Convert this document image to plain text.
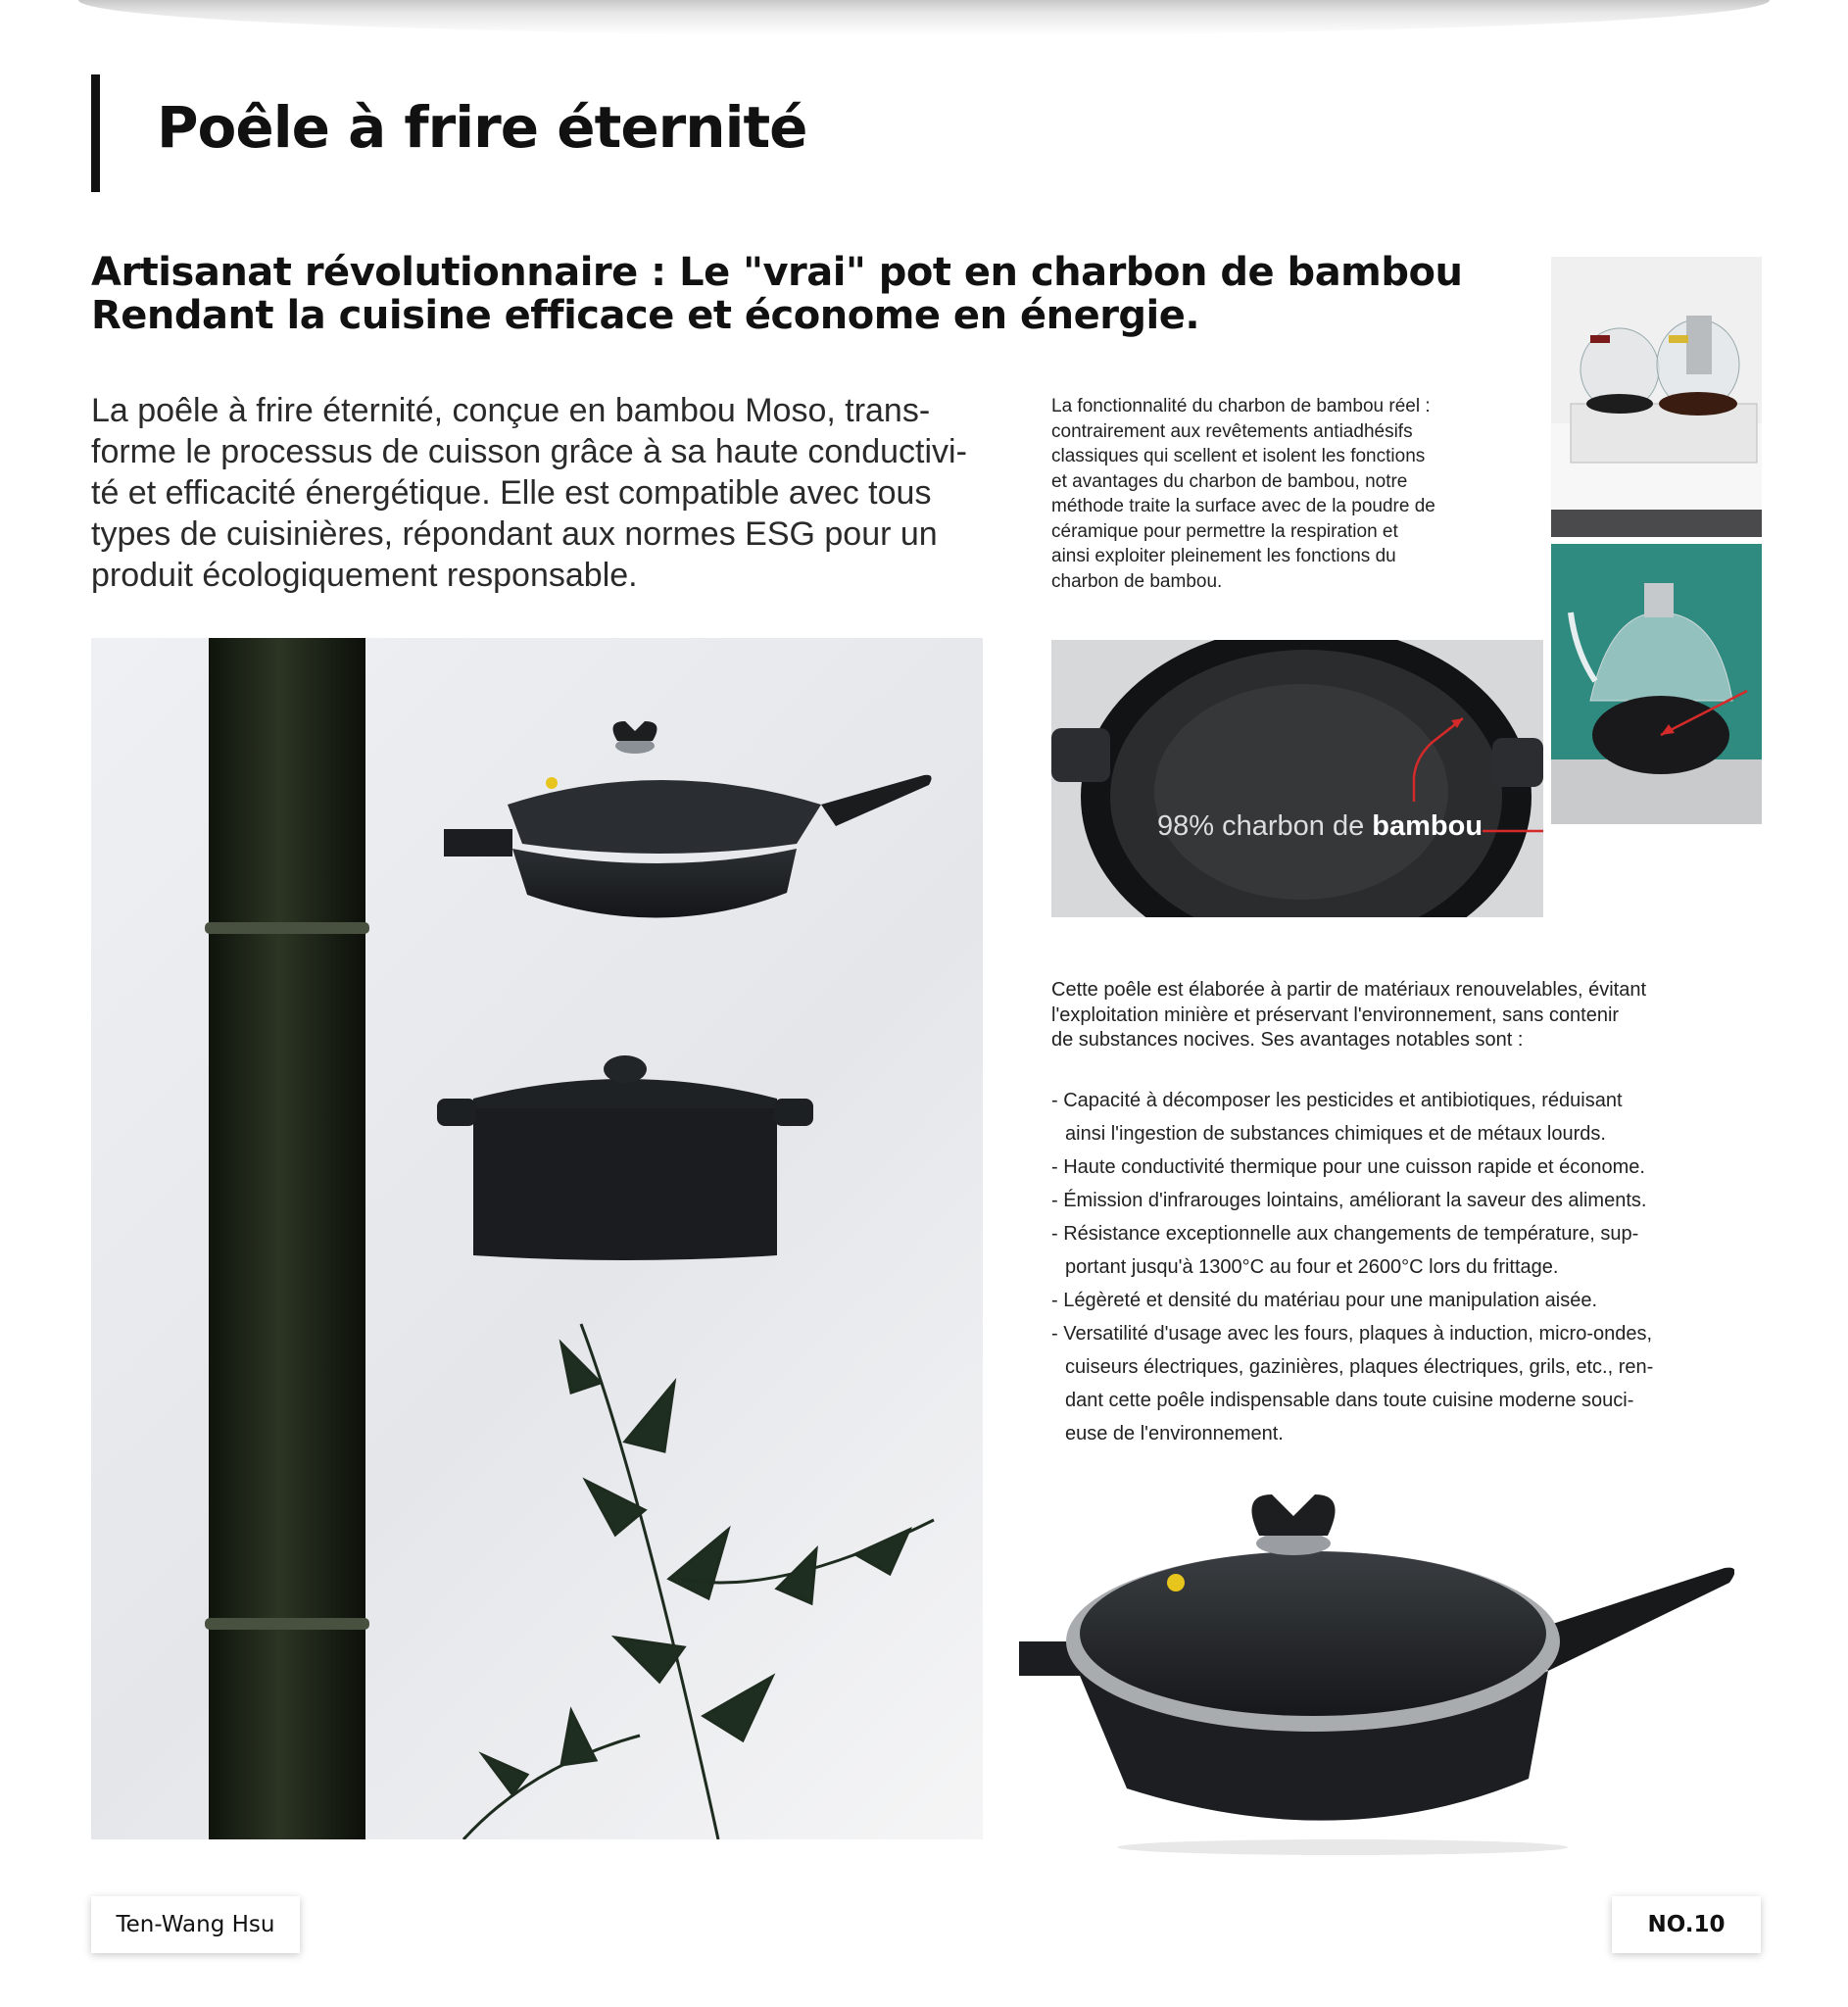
Poêle à frire éternité
Artisanat révolutionnaire : Le "vrai" pot en charbon de bambou
Rendant la cuisine efficace et économe en énergie.

La poêle à frire éternité, conçue en bambou Moso, trans-
forme le processus de cuisson grâce à sa haute conductivi-
té et efficacité énergétique. Elle est compatible avec tous
types de cuisinières, répondant aux normes ESG pour un
produit écologiquement responsable.

La fonctionnalité du charbon de bambou réel :
contrairement aux revêtements antiadhésifs
classiques qui scellent et isolent les fonctions
et avantages du charbon de bambou, notre
méthode traite la surface avec de la poudre de
céramique pour permettre la respiration et
ainsi exploiter pleinement les fonctions du
charbon de bambou.

98% charbon de bambou

Cette poêle est élaborée à partir de matériaux renouvelables, évitant
l'exploitation minière et préservant l'environnement, sans contenir
de substances nocives. Ses avantages notables sont :

- Capacité à décomposer les pesticides et antibiotiques, réduisant
ainsi l'ingestion de substances chimiques et de métaux lourds.
- Haute conductivité thermique pour une cuisson rapide et économe.
- Émission d'infrarouges lointains, améliorant la saveur des aliments.
- Résistance exceptionnelle aux changements de température, sup-
portant jusqu'à 1300°C au four et 2600°C lors du frittage.
- Légèreté et densité du matériau pour une manipulation aisée.
- Versatilité d'usage avec les fours, plaques à induction, micro-ondes,
cuiseurs électriques, gazinières, plaques électriques, grils, etc., ren-
dant cette poêle indispensable dans toute cuisine moderne souci-
euse de l'environnement.
Ten-Wang Hsu	NO.10
